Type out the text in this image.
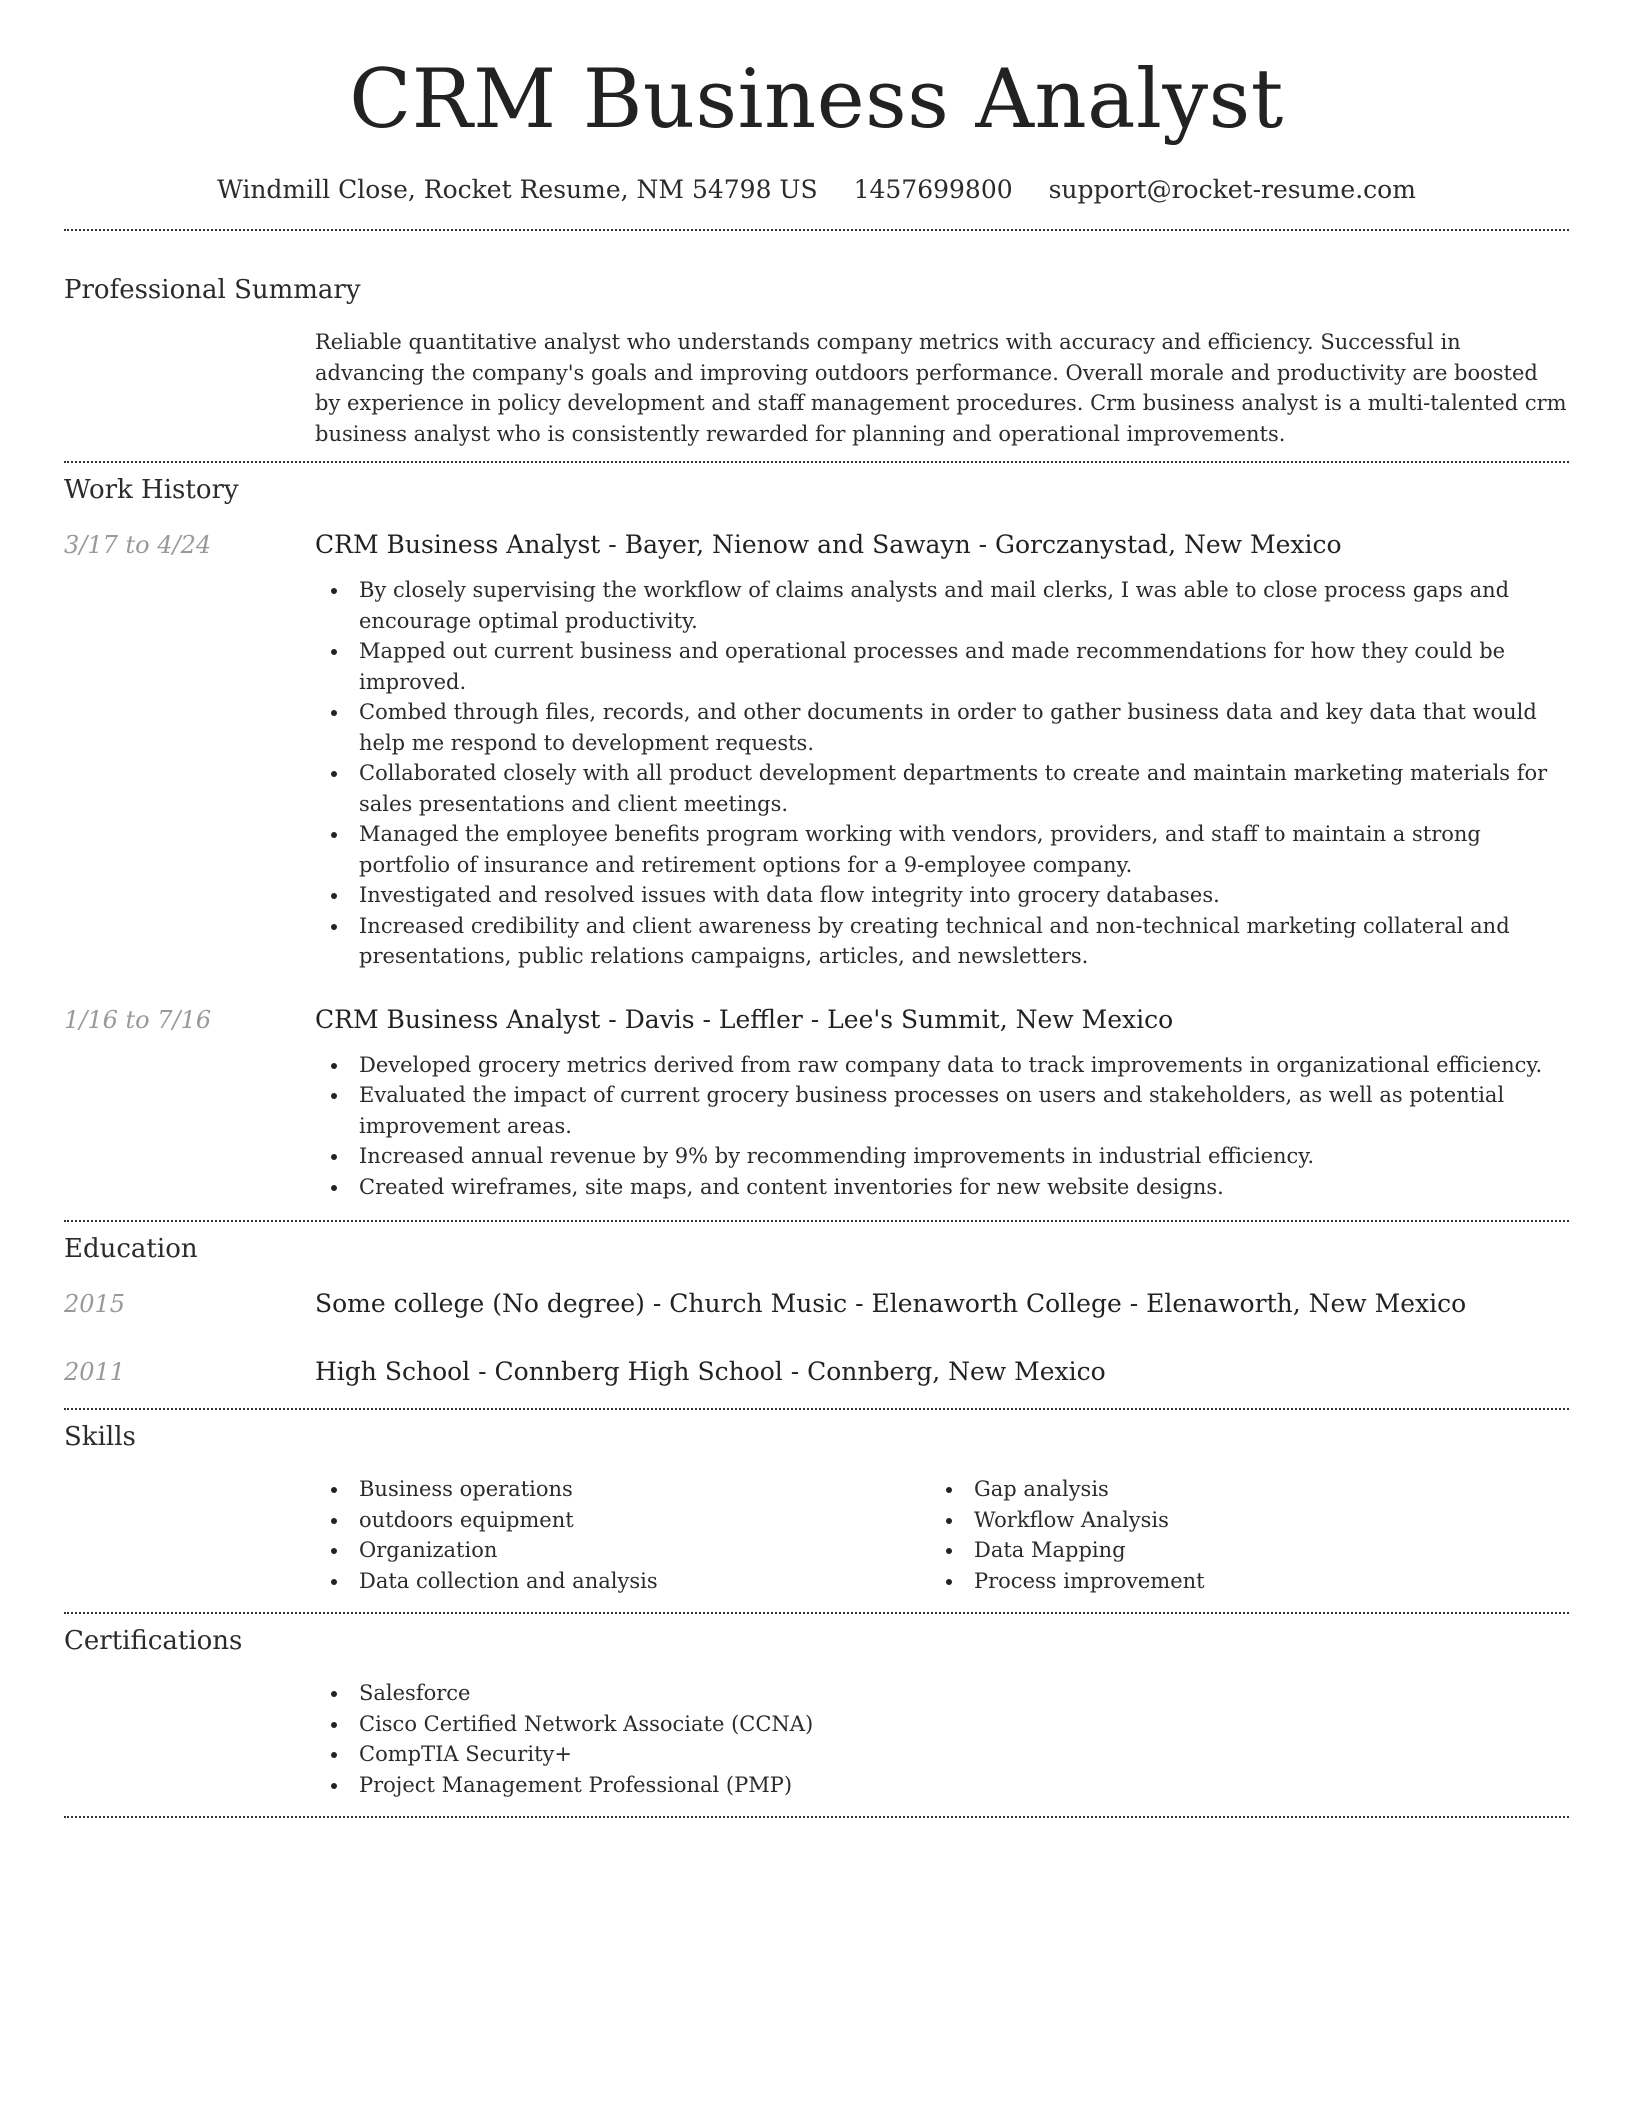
CRM Business Analyst
Windmill Close, Rocket Resume, NM 54798 US 1457699800 support@rocket-resume.com
Professional Summary

Reliable quantitative analyst who understands company metrics with accuracy and efficiency. Successful in advancing the company's goals and improving outdoors performance. Overall morale and productivity are boosted by experience in policy development and staff management procedures. Crm business analyst is a multi-talented crm business analyst who is consistently rewarded for planning and operational improvements.

Work History
3/17 to 4/24	CRM Business Analyst - Bayer, Nienow and Sawayn - Gorczanystad, New Mexico
By closely supervising the workflow of claims analysts and mail clerks, I was able to close process gaps and encourage optimal productivity.
Mapped out current business and operational processes and made recommendations for how they could be improved.
Combed through files, records, and other documents in order to gather business data and key data that would help me respond to development requests.
Collaborated closely with all product development departments to create and maintain marketing materials for sales presentations and client meetings.
Managed the employee benefits program working with vendors, providers, and staff to maintain a strong portfolio of insurance and retirement options for a 9-employee company.
Investigated and resolved issues with data flow integrity into grocery databases.
Increased credibility and client awareness by creating technical and non-technical marketing collateral and presentations, public relations campaigns, articles, and newsletters.
1/16 to 7/16	CRM Business Analyst - Davis - Leffler - Lee's Summit, New Mexico
Developed grocery metrics derived from raw company data to track improvements in organizational efficiency.
Evaluated the impact of current grocery business processes on users and stakeholders, as well as potential improvement areas.
Increased annual revenue by 9% by recommending improvements in industrial efficiency.
Created wireframes, site maps, and content inventories for new website designs.
Education
2015	Some college (No degree) - Church Music - Elenaworth College - Elenaworth, New Mexico
2011	High School - Connberg High School - Connberg, New Mexico
Skills
Business operations
outdoors equipment
Organization
Data collection and analysis
Gap analysis
Workflow Analysis
Data Mapping
Process improvement
Certifications
Salesforce
Cisco Certified Network Associate (CCNA)
CompTIA Security+
Project Management Professional (PMP)
